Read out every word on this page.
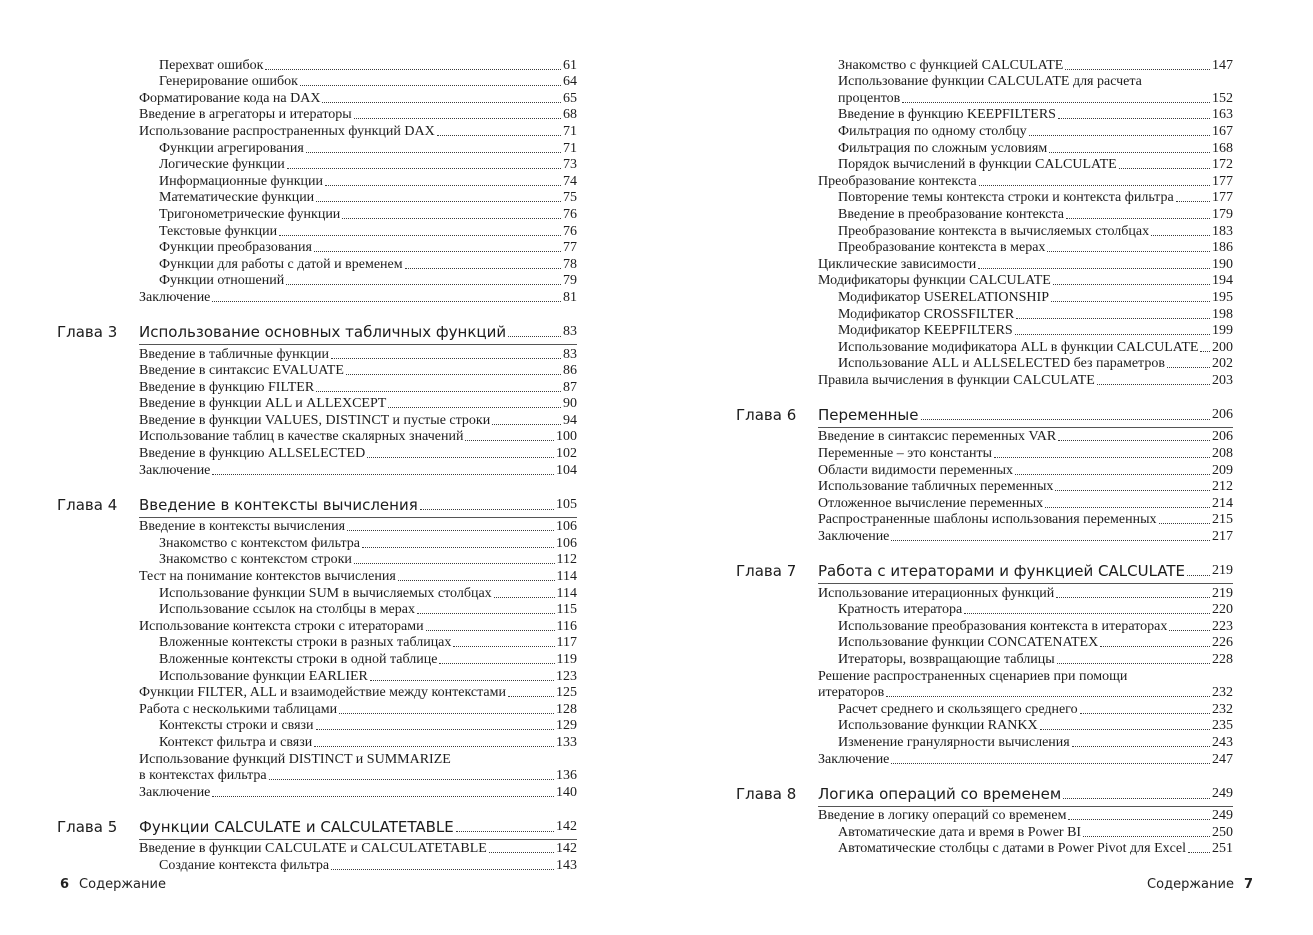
Перехват ошибок	61
Генерирование ошибок	64
Форматирование кода на DAX	65
Введение в агрегаторы и итераторы	68
Использование распространенных функций DAX	71
Функции агрегирования	71
Логические функции	73
Информационные функции	74
Математические функции	75
Тригонометрические функции	76
Текстовые функции	76
Функции преобразования	77
Функции для работы с датой и временем	78
Функции отношений	79
Заключение	81
Глава 3	Использование основных табличных функций	83
Введение в табличные функции	83
Введение в синтаксис EVALUATE	86
Введение в функцию FILTER	87
Введение в функции ALL и ALLEXCEPT	90
Введение в функции VALUES, DISTINCT и пустые строки	94
Использование таблиц в качестве скалярных значений	100
Введение в функцию ALLSELECTED	102
Заключение	104
Глава 4	Введение в контексты вычисления	105
Введение в контексты вычисления	106
Знакомство с контекстом фильтра	106
Знакомство с контекстом строки	112
Тест на понимание контекстов вычисления	114
Использование функции SUM в вычисляемых столбцах	114
Использование ссылок на столбцы в мерах	115
Использование контекста строки с итераторами	116
Вложенные контексты строки в разных таблицах	117
Вложенные контексты строки в одной таблице	119
Использование функции EARLIER	123
Функции FILTER, ALL и взаимодействие между контекстами	125
Работа с несколькими таблицами	128
Контексты строки и связи	129
Контекст фильтра и связи	133
Использование функций DISTINCT и SUMMARIZE
в контекстах фильтра	136
Заключение	140
Глава 5	Функции CALCULATE и CALCULATETABLE	142
Введение в функции CALCULATE и CALCULATETABLE	142
Создание контекста фильтра	143
6 Содержание
Знакомство с функцией CALCULATE	147
Использование функции CALCULATE для расчета
процентов	152
Введение в функцию KEEPFILTERS	163
Фильтрация по одному столбцу	167
Фильтрация по сложным условиям	168
Порядок вычислений в функции CALCULATE	172
Преобразование контекста	177
Повторение темы контекста строки и контекста фильтра	177
Введение в преобразование контекста	179
Преобразование контекста в вычисляемых столбцах	183
Преобразование контекста в мерах	186
Циклические зависимости	190
Модификаторы функции CALCULATE	194
Модификатор USERELATIONSHIP	195
Модификатор CROSSFILTER	198
Модификатор KEEPFILTERS	199
Использование модификатора ALL в функции CALCULATE 200
Использование ALL и ALLSELECTED без параметров	202
Правила вычисления в функции CALCULATE	203
Глава 6	Переменные	206
Введение в синтаксис переменных VAR	206
Переменные – это константы	208
Области видимости переменных	209
Использование табличных переменных	212
Отложенное вычисление переменных	214
Распространенные шаблоны использования переменных	215
Заключение	217
Глава 7	Работа с итераторами и функцией CALCULATE 219
Использование итерационных функций	219
Кратность итератора	220
Использование преобразования контекста в итераторах	223
Использование функции CONCATENATEX	226
Итераторы, возвращающие таблицы	228
Решение распространенных сценариев при помощи
итераторов	232
Расчет среднего и скользящего среднего	232
Использование функции RANKX	235
Изменение гранулярности вычисления	243
Заключение	247
Глава 8	Логика операций со временем	249
Введение в логику операций со временем	249
Автоматические дата и время в Power BI	250
Автоматические столбцы с датами в Power Pivot для Excel 251
Содержание 7
